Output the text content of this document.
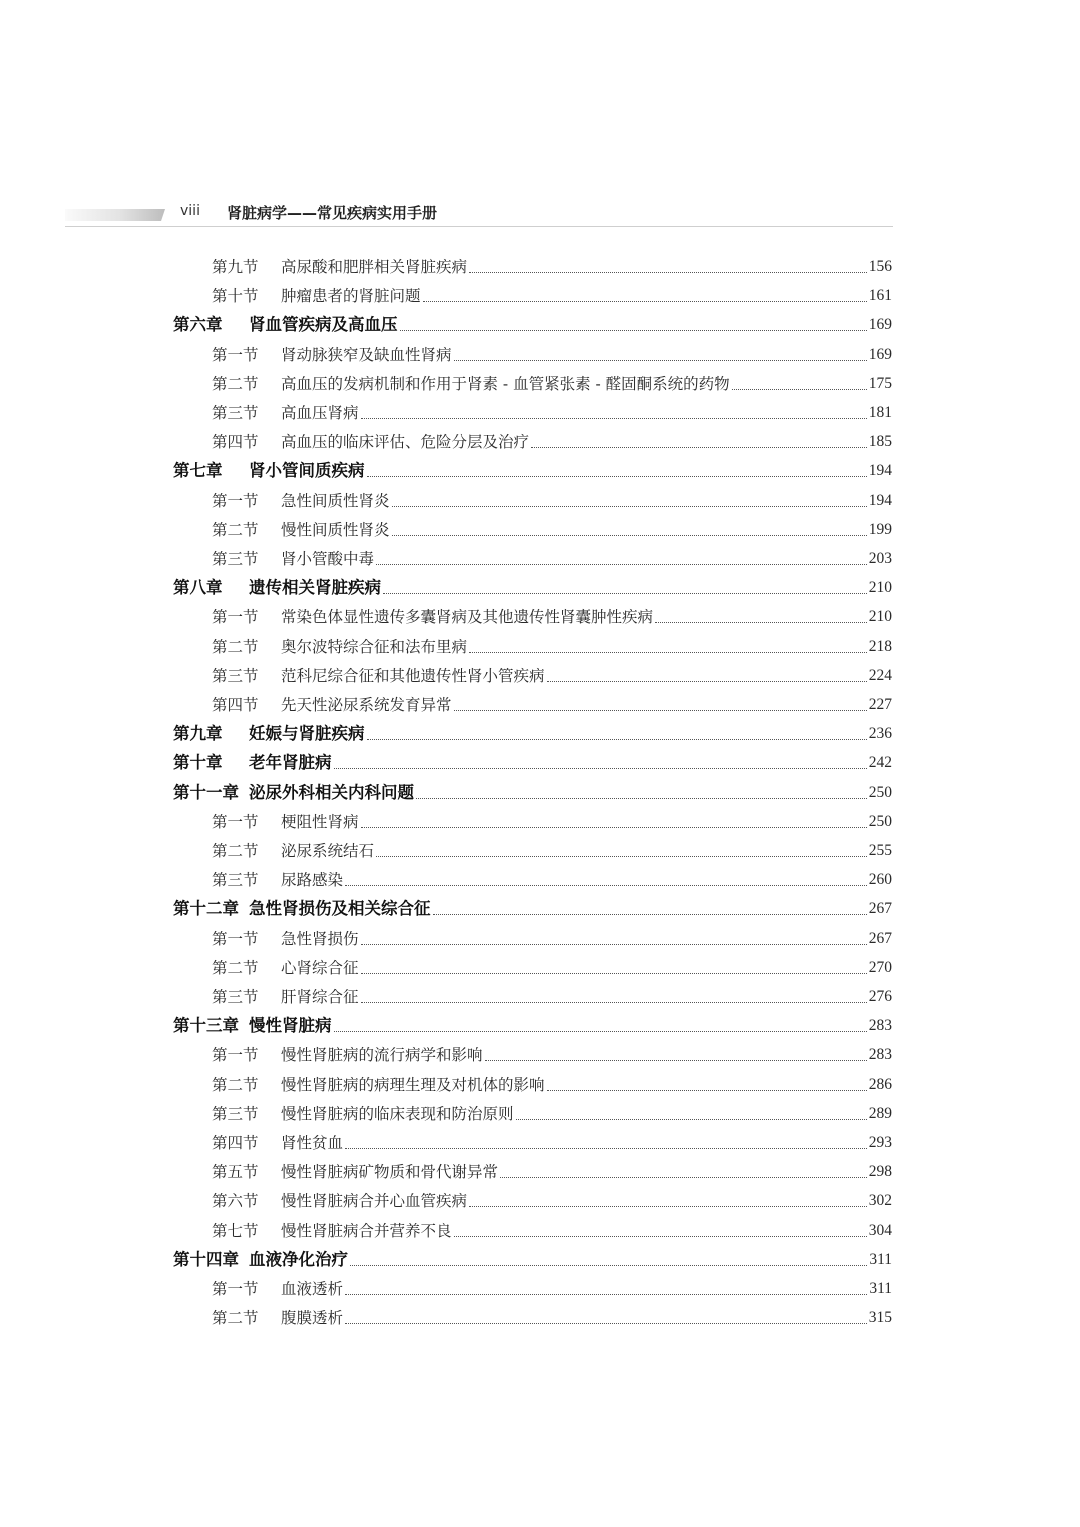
viii 肾脏病学——常见疾病实用手册
第九节	高尿酸和肥胖相关肾脏疾病	156
第十节	肿瘤患者的肾脏问题	161
第六章	肾血管疾病及高血压	169
第一节	肾动脉狭窄及缺血性肾病	169
第二节	高血压的发病机制和作用于肾素 - 血管紧张素 - 醛固酮系统的药物	175
第三节	高血压肾病	181
第四节	高血压的临床评估、危险分层及治疗	185
第七章	肾小管间质疾病	194
第一节	急性间质性肾炎	194
第二节	慢性间质性肾炎	199
第三节	肾小管酸中毒	203
第八章	遗传相关肾脏疾病	210
第一节	常染色体显性遗传多囊肾病及其他遗传性肾囊肿性疾病	210
第二节	奥尔波特综合征和法布里病	218
第三节	范科尼综合征和其他遗传性肾小管疾病	224
第四节	先天性泌尿系统发育异常	227
第九章	妊娠与肾脏疾病	236
第十章	老年肾脏病	242
第十一章 泌尿外科相关内科问题	250
第一节	梗阻性肾病	250
第二节	泌尿系统结石	255
第三节	尿路感染	260
第十二章 急性肾损伤及相关综合征	267
第一节	急性肾损伤	267
第二节	心肾综合征	270
第三节	肝肾综合征	276
第十三章 慢性肾脏病	283
第一节	慢性肾脏病的流行病学和影响	283
第二节	慢性肾脏病的病理生理及对机体的影响	286
第三节	慢性肾脏病的临床表现和防治原则	289
第四节	肾性贫血	293
第五节	慢性肾脏病矿物质和骨代谢异常	298
第六节	慢性肾脏病合并心血管疾病	302
第七节	慢性肾脏病合并营养不良	304
第十四章 血液净化治疗	311
第一节	血液透析	311
第二节	腹膜透析	315
